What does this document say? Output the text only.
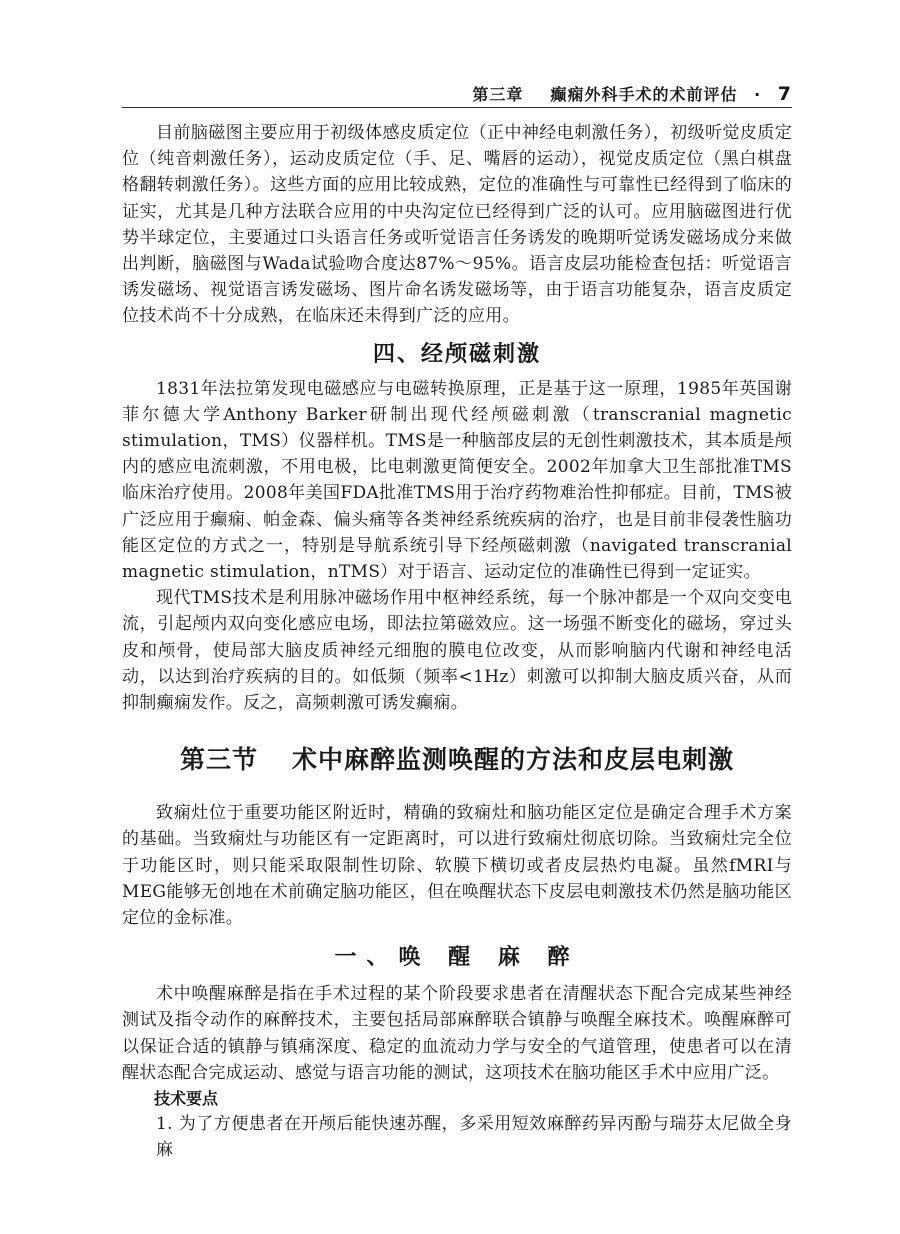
第三章 癫痫外科手术的术前评估 · 7

目前脑磁图主要应用于初级体感皮质定位（正中神经电刺激任务），初级听觉皮质定位（纯音刺激任务），运动皮质定位（手、足、嘴唇的运动），视觉皮质定位（黑白棋盘格翻转刺激任务）。这些方面的应用比较成熟，定位的准确性与可靠性已经得到了临床的证实，尤其是几种方法联合应用的中央沟定位已经得到广泛的认可。应用脑磁图进行优势半球定位，主要通过口头语言任务或听觉语言任务诱发的晚期听觉诱发磁场成分来做出判断，脑磁图与Wada试验吻合度达87%～95%。语言皮层功能检查包括：听觉语言诱发磁场、视觉语言诱发磁场、图片命名诱发磁场等，由于语言功能复杂，语言皮质定位技术尚不十分成熟，在临床还未得到广泛的应用。

四、经颅磁刺激

1831年法拉第发现电磁感应与电磁转换原理，正是基于这一原理，1985年英国谢菲尔德大学Anthony Barker研制出现代经颅磁刺激（transcranial magnetic stimulation，TMS）仪器样机。TMS是一种脑部皮层的无创性刺激技术，其本质是颅内的感应电流刺激，不用电极，比电刺激更简便安全。2002年加拿大卫生部批准TMS临床治疗使用。2008年美国FDA批准TMS用于治疗药物难治性抑郁症。目前，TMS被广泛应用于癫痫、帕金森、偏头痛等各类神经系统疾病的治疗，也是目前非侵袭性脑功能区定位的方式之一，特别是导航系统引导下经颅磁刺激（navigated transcranial magnetic stimulation，nTMS）对于语言、运动定位的准确性已得到一定证实。

现代TMS技术是利用脉冲磁场作用中枢神经系统，每一个脉冲都是一个双向交变电流，引起颅内双向变化感应电场，即法拉第磁效应。这一场强不断变化的磁场，穿过头皮和颅骨，使局部大脑皮质神经元细胞的膜电位改变，从而影响脑内代谢和神经电活动，以达到治疗疾病的目的。如低频（频率<1Hz）刺激可以抑制大脑皮质兴奋，从而抑制癫痫发作。反之，高频刺激可诱发癫痫。

第三节 术中麻醉监测唤醒的方法和皮层电刺激

致痫灶位于重要功能区附近时，精确的致痫灶和脑功能区定位是确定合理手术方案的基础。当致痫灶与功能区有一定距离时，可以进行致痫灶彻底切除。当致痫灶完全位于功能区时，则只能采取限制性切除、软膜下横切或者皮层热灼电凝。虽然fMRI与MEG能够无创地在术前确定脑功能区，但在唤醒状态下皮层电刺激技术仍然是脑功能区定位的金标准。

一、唤 醒 麻 醉

术中唤醒麻醉是指在手术过程的某个阶段要求患者在清醒状态下配合完成某些神经测试及指令动作的麻醉技术，主要包括局部麻醉联合镇静与唤醒全麻技术。唤醒麻醉可以保证合适的镇静与镇痛深度、稳定的血流动力学与安全的气道管理，使患者可以在清醒状态配合完成运动、感觉与语言功能的测试，这项技术在脑功能区手术中应用广泛。

技术要点

1. 为了方便患者在开颅后能快速苏醒，多采用短效麻醉药异丙酚与瑞芬太尼做全身麻
